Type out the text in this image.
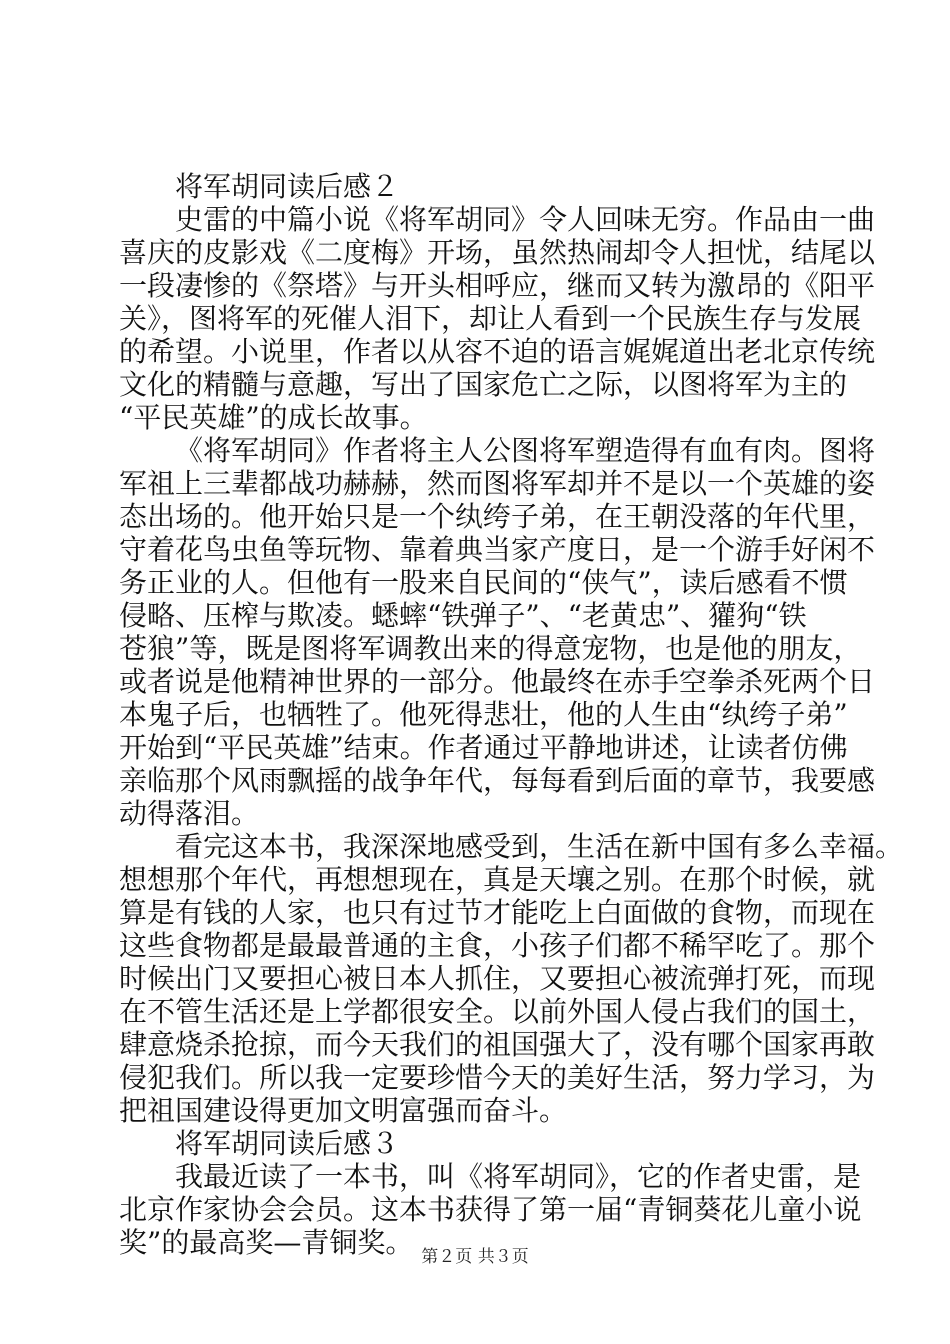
将军胡同读后感２
史雷的中篇小说《将军胡同》令人回味无穷。作品由一曲
喜庆的皮影戏《二度梅》开场，虽然热闹却令人担忧，结尾以
一段凄惨的《祭塔》与开头相呼应，继而又转为激昂的《阳平
关》，图将军的死催人泪下，却让人看到一个民族生存与发展
的希望。小说里，作者以从容不迫的语言娓娓道出老北京传统
文化的精髓与意趣，写出了国家危亡之际，以图将军为主的
“平民英雄”的成长故事。
《将军胡同》作者将主人公图将军塑造得有血有肉。图将
军祖上三辈都战功赫赫，然而图将军却并不是以一个英雄的姿
态出场的。他开始只是一个纨绔子弟，在王朝没落的年代里，
守着花鸟虫鱼等玩物、靠着典当家产度日，是一个游手好闲不
务正业的人。但他有一股来自民间的“侠气”，读后感看不惯
侵略、压榨与欺凌。蟋蟀“铁弹子”、“老黄忠”、獾狗“铁
苍狼”等，既是图将军调教出来的得意宠物，也是他的朋友，
或者说是他精神世界的一部分。他最终在赤手空拳杀死两个日
本鬼子后，也牺牲了。他死得悲壮，他的人生由“纨绔子弟”
开始到“平民英雄”结束。作者通过平静地讲述，让读者仿佛
亲临那个风雨飘摇的战争年代，每每看到后面的章节，我要感
动得落泪。
看完这本书，我深深地感受到，生活在新中国有多么幸福。
想想那个年代，再想想现在，真是天壤之别。在那个时候，就
算是有钱的人家，也只有过节才能吃上白面做的食物，而现在
这些食物都是最最普通的主食，小孩子们都不稀罕吃了。那个
时候出门又要担心被日本人抓住，又要担心被流弹打死，而现
在不管生活还是上学都很安全。以前外国人侵占我们的国土，
肆意烧杀抢掠，而今天我们的祖国强大了，没有哪个国家再敢
侵犯我们。所以我一定要珍惜今天的美好生活，努力学习，为
把祖国建设得更加文明富强而奋斗。
将军胡同读后感３
我最近读了一本书，叫《将军胡同》，它的作者史雷，是
北京作家协会会员。这本书获得了第一届“青铜葵花儿童小说
奖”的最高奖—青铜奖。 第２页 共３页
